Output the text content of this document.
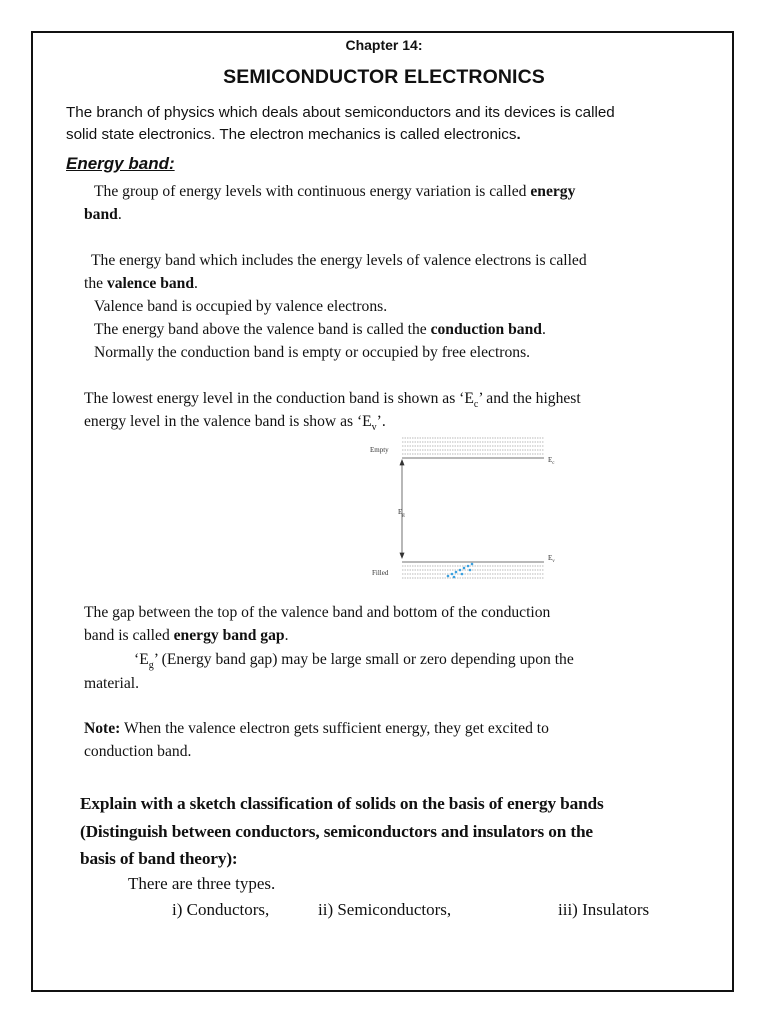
Chapter 14:
SEMICONDUCTOR ELECTRONICS
The branch of physics which deals about semiconductors and its devices is called
solid state electronics. The electron mechanics is called electronics.
Energy band:
The group of energy levels with continuous energy variation is called energy
band.
The energy band which includes the energy levels of valence electrons is called
the valence band.
Valence band is occupied by valence electrons.
The energy band above the valence band is called the conduction band.
Normally the conduction band is empty or occupied by free electrons.
The lowest energy level in the conduction band is shown as ‘$E_c$’ and the highest
energy level in the valence band is show as ‘$E_v$’.
Empty
$E_c$
$E_g$
$E_v$
Filled
The gap between the top of the valence band and bottom of the conduction
band is called energy band gap.
‘$E_g$’ (Energy band gap) may be large small or zero depending upon the
material.
Note: When the valence electron gets sufficient energy, they get excited to
conduction band.
Explain with a sketch classification of solids on the basis of energy bands
(Distinguish between conductors, semiconductors and insulators on the
basis of band theory):
There are three types.
i) Conductors,	ii) Semiconductors,	iii) Insulators
